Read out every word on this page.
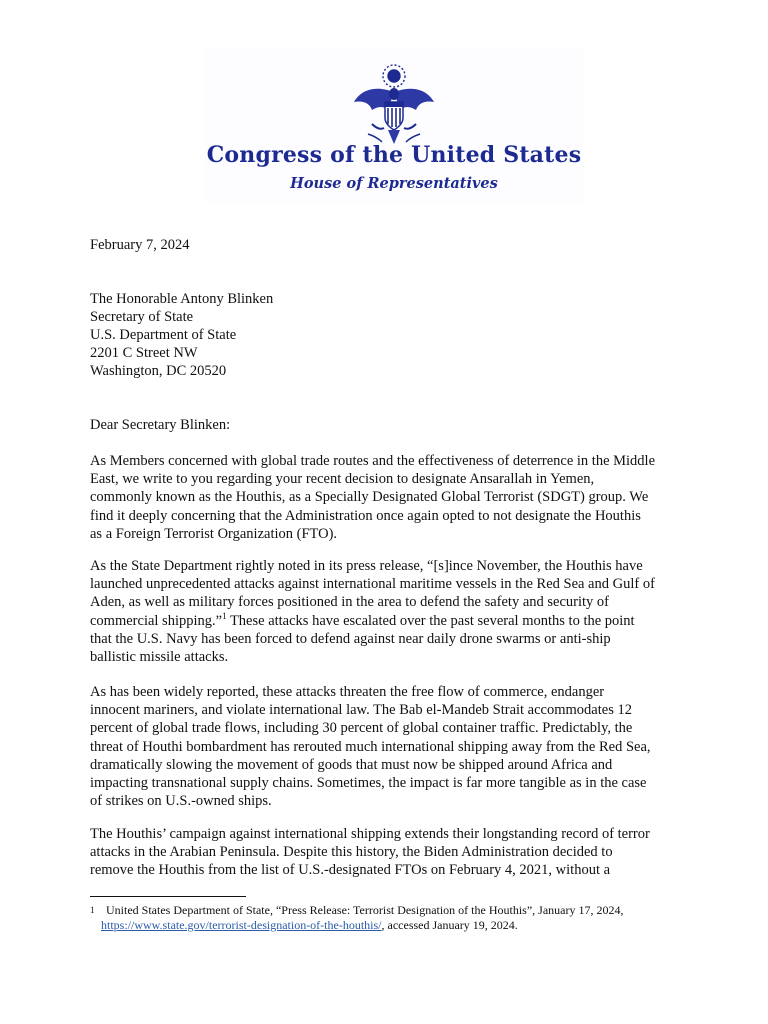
Congress of the United States
House of Representatives

February 7, 2024

The Honorable Antony Blinken

Secretary of State

U.S. Department of State

2201 C Street NW

Washington, DC 20520

Dear Secretary Blinken:

As Members concerned with global trade routes and the effectiveness of deterrence in the Middle
East, we write to you regarding your recent decision to designate Ansarallah in Yemen,
commonly known as the Houthis, as a Specially Designated Global Terrorist (SDGT) group. We
find it deeply concerning that the Administration once again opted to not designate the Houthis
as a Foreign Terrorist Organization (FTO).
As the State Department rightly noted in its press release, “[s]ince November, the Houthis have
launched unprecedented attacks against international maritime vessels in the Red Sea and Gulf of
Aden, as well as military forces positioned in the area to defend the safety and security of
commercial shipping.”$^1$ These attacks have escalated over the past several months to the point
that the U.S. Navy has been forced to defend against near daily drone swarms or anti-ship
ballistic missile attacks.
As has been widely reported, these attacks threaten the free flow of commerce, endanger
innocent mariners, and violate international law. The Bab el-Mandeb Strait accommodates 12
percent of global trade flows, including 30 percent of global container traffic. Predictably, the
threat of Houthi bombardment has rerouted much international shipping away from the Red Sea,
dramatically slowing the movement of goods that must now be shipped around Africa and
impacting transnational supply chains. Sometimes, the impact is far more tangible as in the case
of strikes on U.S.-owned ships.
The Houthis’ campaign against international shipping extends their longstanding record of terror
attacks in the Arabian Peninsula. Despite this history, the Biden Administration decided to
remove the Houthis from the list of U.S.-designated FTOs on February 4, 2021, without a
1 United States Department of State, “Press Release: Terrorist Designation of the Houthis”, January 17, 2024,
https://www.state.gov/terrorist-designation-of-the-houthis/, accessed January 19, 2024.
